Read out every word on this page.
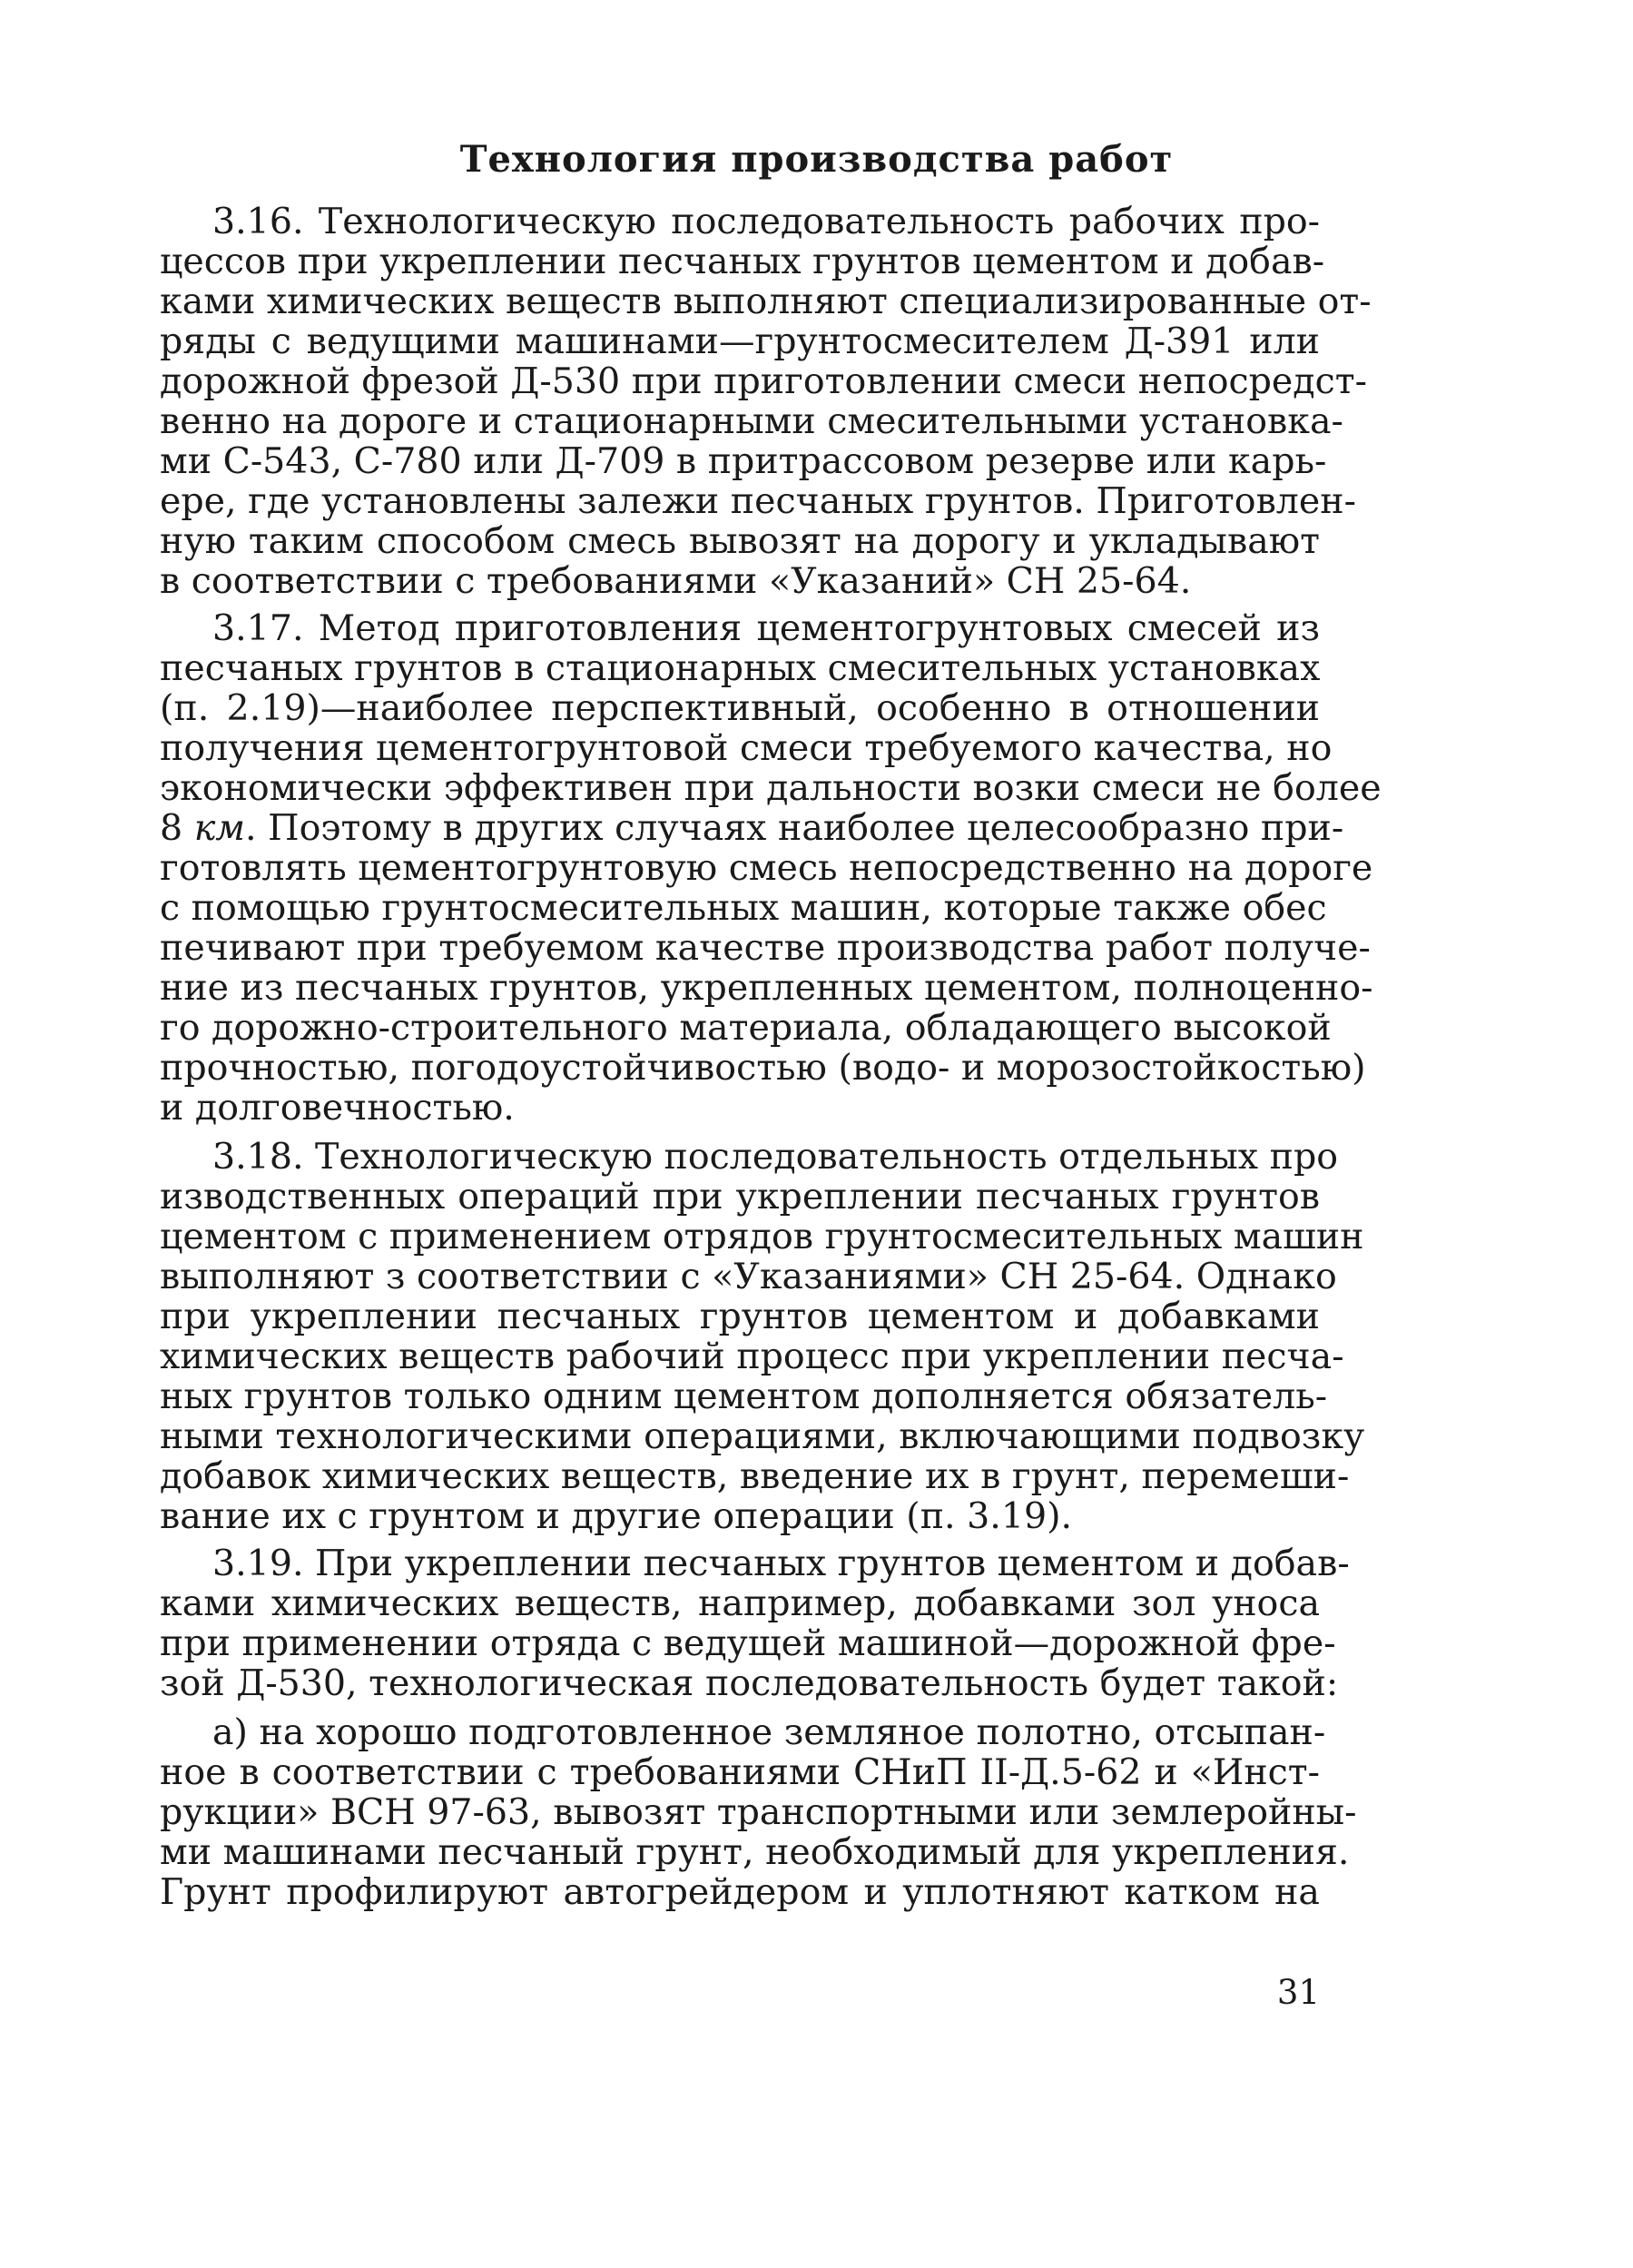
Технология производства работ
3.16. Технологическую последовательность рабочих про-
цессов при укреплении песчаных грунтов цементом и добав-
ками химических веществ выполняют специализированные от-
ряды с ведущими машинами—грунтосмесителем Д-391 или
дорожной фрезой Д-530 при приготовлении смеси непосредст-
венно на дороге и стационарными смесительными установка-
ми С-543, С-780 или Д-709 в притрассовом резерве или карь-
ере, где установлены залежи песчаных грунтов. Приготовлен-
ную таким способом смесь вывозят на дорогу и укладывают
в соответствии с требованиями «Указаний» СН 25-64.
3.17. Метод приготовления цементогрунтовых смесей из
песчаных грунтов в стационарных смесительных установках
(п. 2.19)—наиболее перспективный, особенно в отношении
получения цементогрунтовой смеси требуемого качества, но
экономически эффективен при дальности возки смеси не более
8 км. Поэтому в других случаях наиболее целесообразно при-
готовлять цементогрунтовую смесь непосредственно на дороге
с помощью грунтосмесительных машин, которые также обес
печивают при требуемом качестве производства работ получе-
ние из песчаных грунтов, укрепленных цементом, полноценно-
го дорожно-строительного материала, обладающего высокой
прочностью, погодоустойчивостью (водо- и морозостойкостью)
и долговечностью.
3.18. Технологическую последовательность отдельных про
изводственных операций при укреплении песчаных грунтов
цементом с применением отрядов грунтосмесительных машин
выполняют з соответствии с «Указаниями» СН 25-64. Однако
при укреплении песчаных грунтов цементом и добавками
химических веществ рабочий процесс при укреплении песча-
ных грунтов только одним цементом дополняется обязатель-
ными технологическими операциями, включающими подвозку
добавок химических веществ, введение их в грунт, перемеши-
вание их с грунтом и другие операции (п. 3.19).
3.19. При укреплении песчаных грунтов цементом и добав-
ками химических веществ, например, добавками зол уноса
при применении отряда с ведущей машиной—дорожной фре-
зой Д-530, технологическая последовательность будет такой:
а) на хорошо подготовленное земляное полотно, отсыпан-
ное в соответствии с требованиями СНиП II-Д.5-62 и «Инст-
рукции» ВСН 97-63, вывозят транспортными или землеройны-
ми машинами песчаный грунт, необходимый для укрепления.
Грунт профилируют автогрейдером и уплотняют катком на
31
